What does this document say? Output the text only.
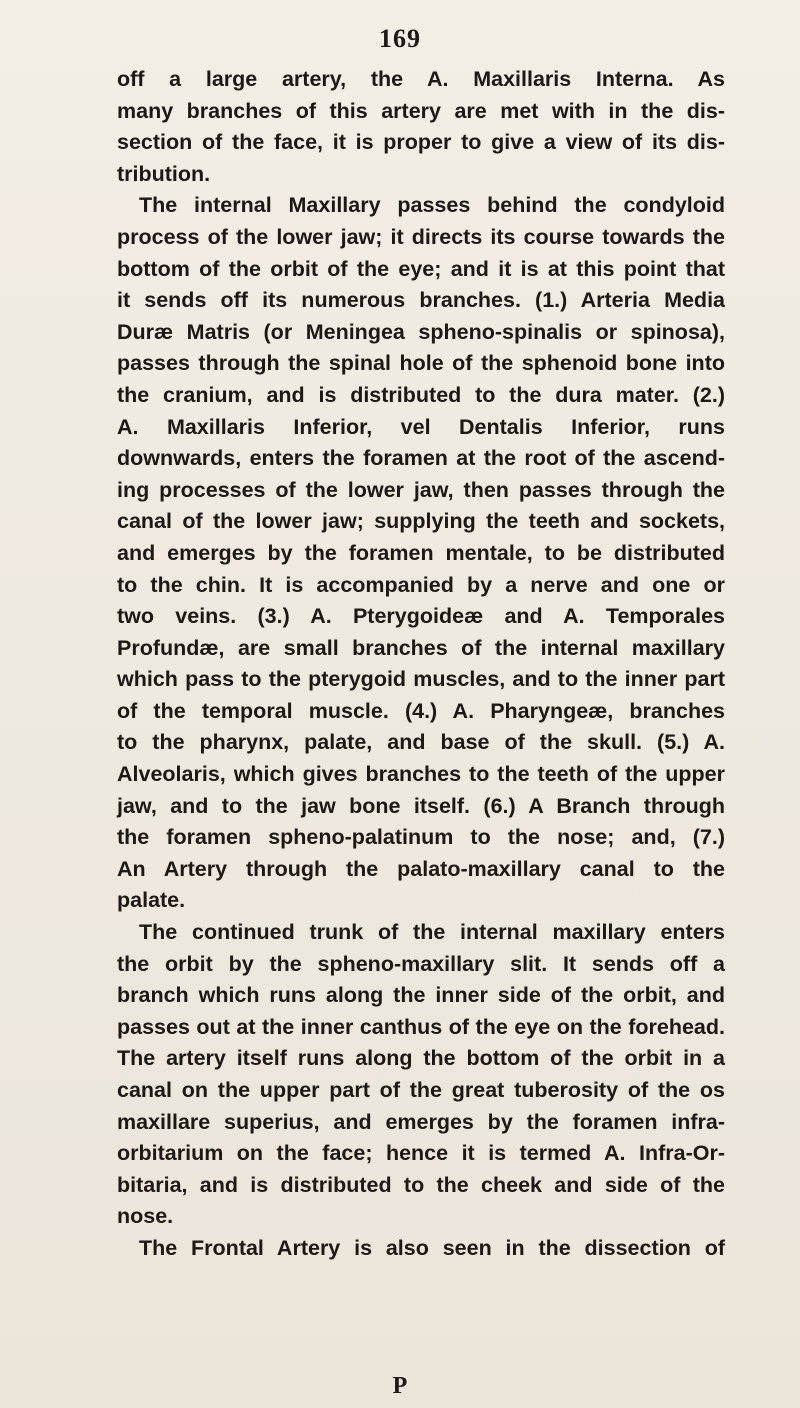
169
off a large artery, the A. Maxillaris Interna. As
many branches of this artery are met with in the dis-
section of the face, it is proper to give a view of its dis-
tribution.
The internal Maxillary passes behind the condyloid
process of the lower jaw; it directs its course towards the
bottom of the orbit of the eye; and it is at this point that
it sends off its numerous branches. (1.) Arteria Media
Duræ Matris (or Meningea spheno-spinalis or spinosa),
passes through the spinal hole of the sphenoid bone into
the cranium, and is distributed to the dura mater. (2.)
A. Maxillaris Inferior, vel Dentalis Inferior, runs
downwards, enters the foramen at the root of the ascend-
ing processes of the lower jaw, then passes through the
canal of the lower jaw; supplying the teeth and sockets,
and emerges by the foramen mentale, to be distributed
to the chin. It is accompanied by a nerve and one or
two veins. (3.) A. Pterygoideæ and A. Temporales
Profundæ, are small branches of the internal maxillary
which pass to the pterygoid muscles, and to the inner part
of the temporal muscle. (4.) A. Pharyngeæ, branches
to the pharynx, palate, and base of the skull. (5.) A.
Alveolaris, which gives branches to the teeth of the upper
jaw, and to the jaw bone itself. (6.) A Branch through
the foramen spheno-palatinum to the nose; and, (7.)
An Artery through the palato-maxillary canal to the
palate.
The continued trunk of the internal maxillary enters
the orbit by the spheno-maxillary slit. It sends off a
branch which runs along the inner side of the orbit, and
passes out at the inner canthus of the eye on the forehead.
The artery itself runs along the bottom of the orbit in a
canal on the upper part of the great tuberosity of the os
maxillare superius, and emerges by the foramen infra-
orbitarium on the face; hence it is termed A. Infra-Or-
bitaria, and is distributed to the cheek and side of the
nose.
The Frontal Artery is also seen in the dissection of
P
